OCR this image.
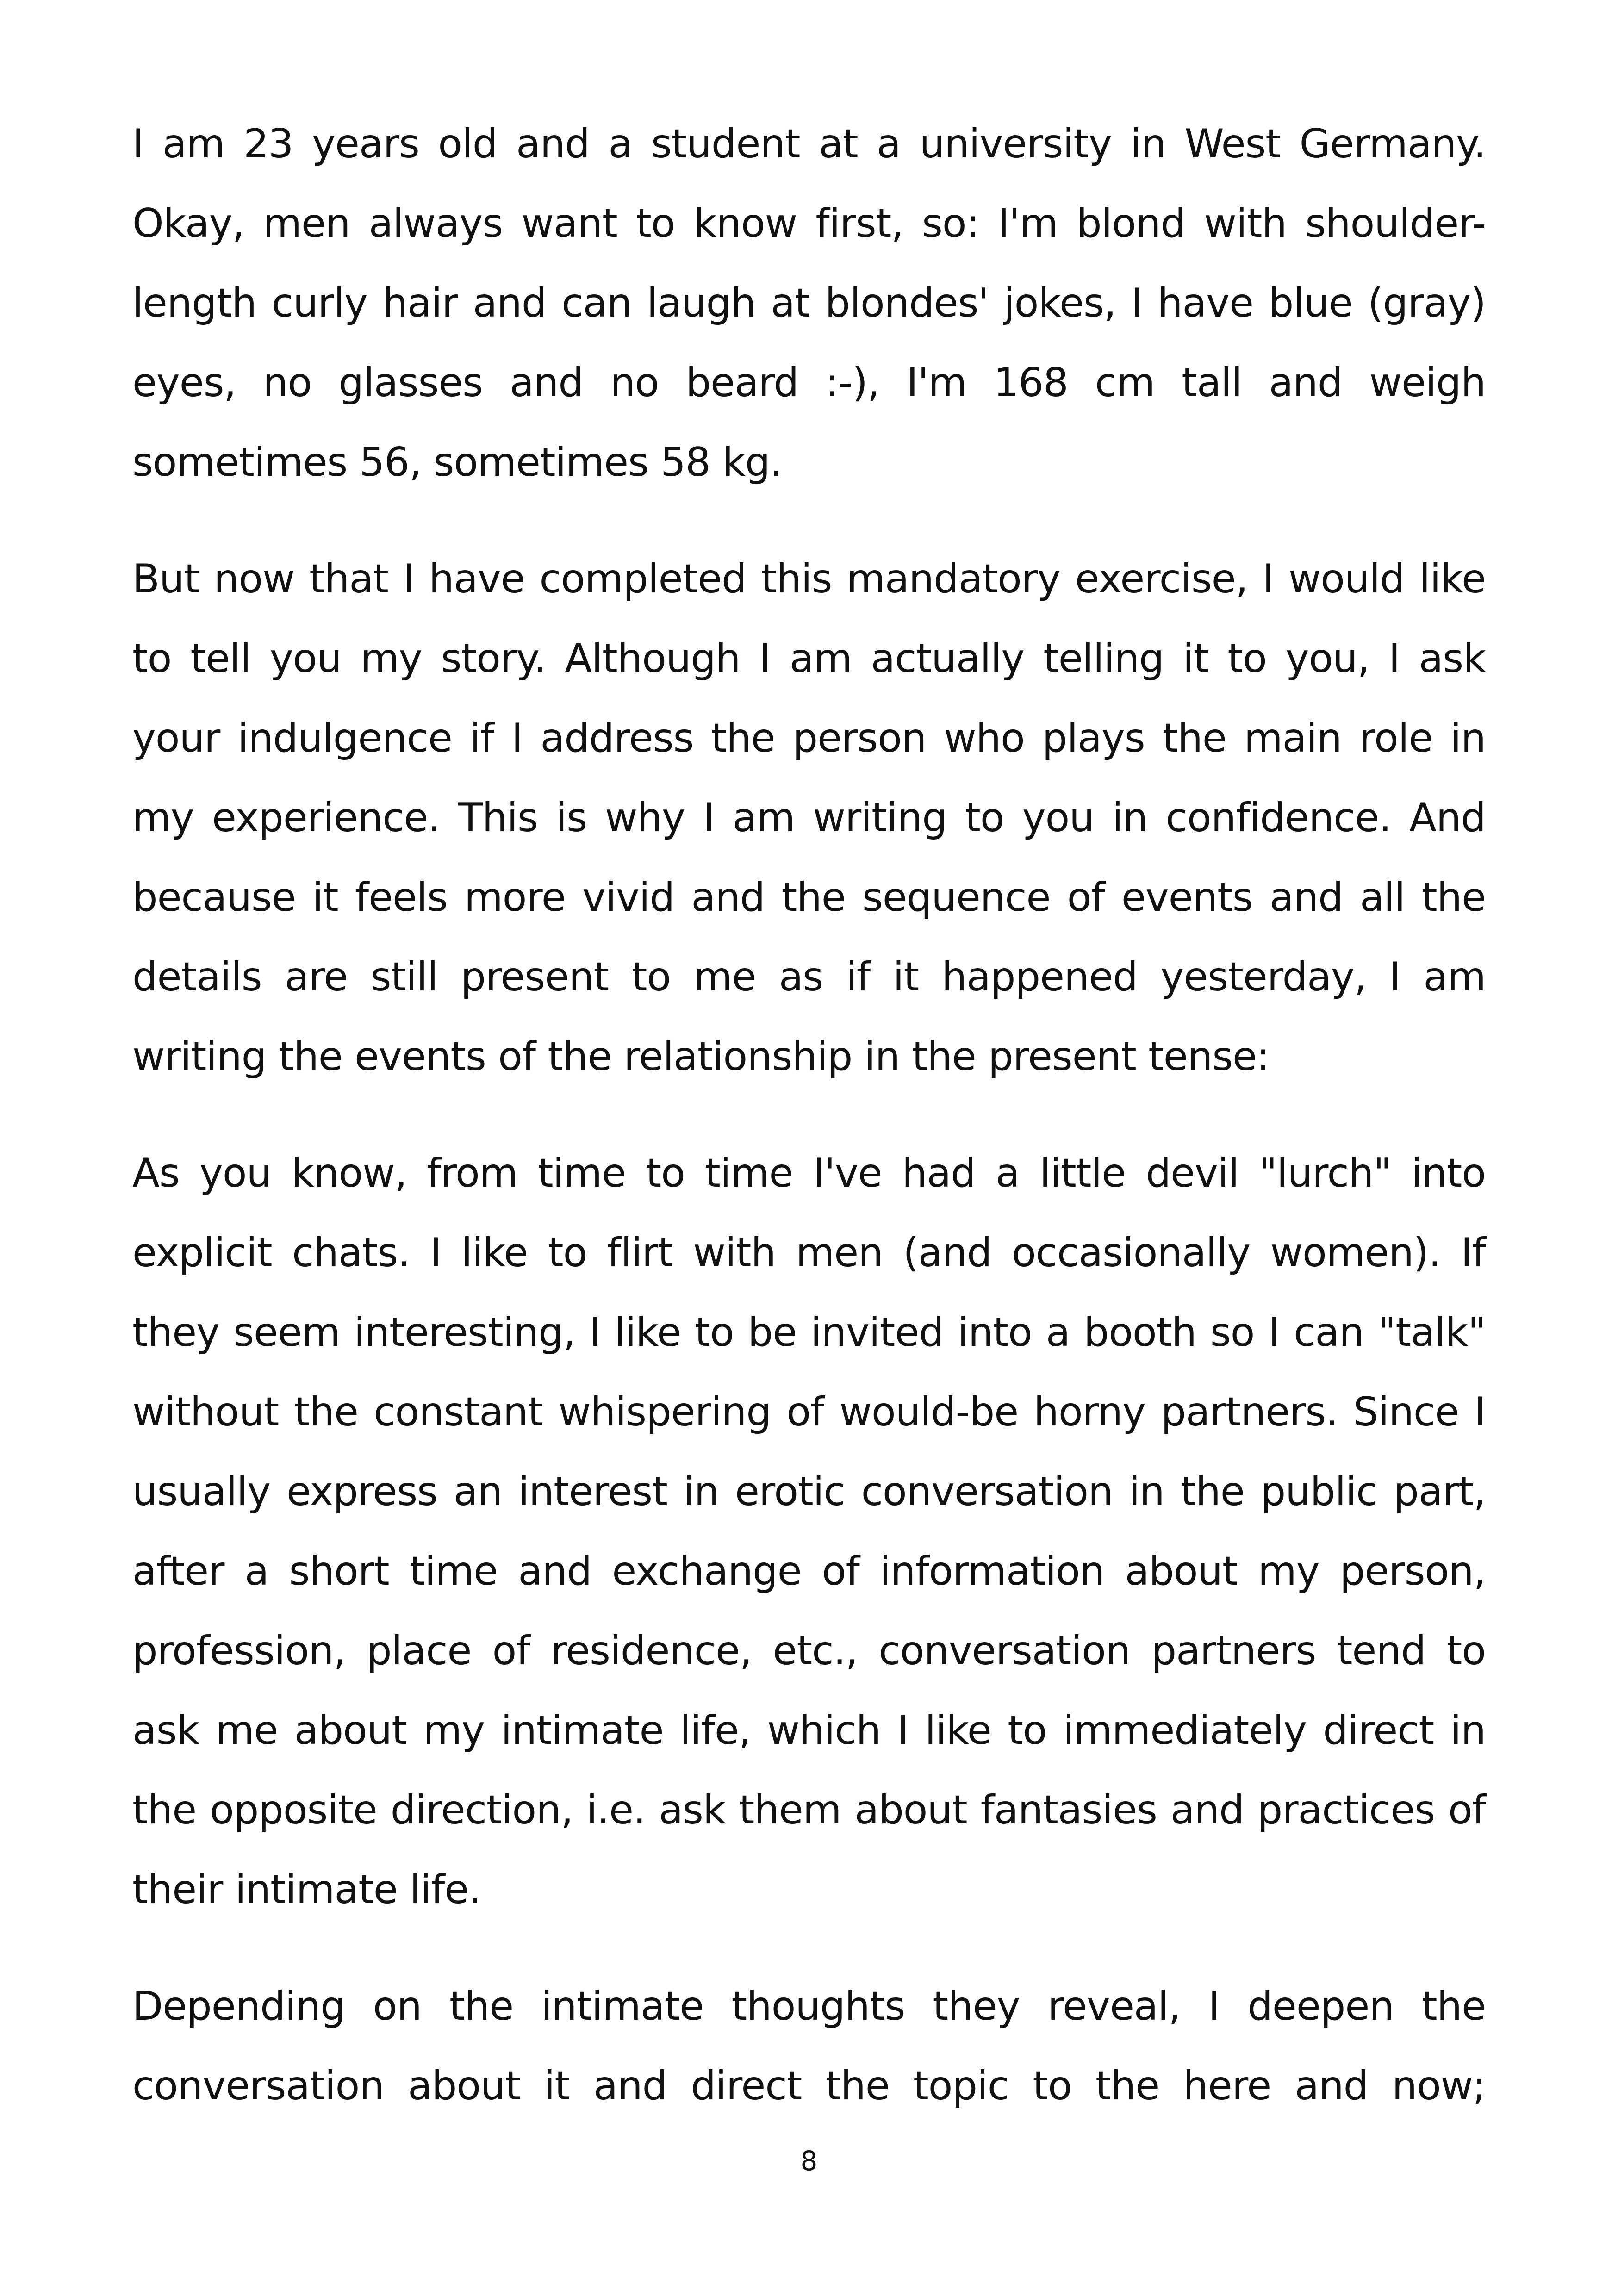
I am 23 years old and a student at a university in West Germany. Okay, men always want to know first, so: I'm blond with shoulder-length curly hair and can laugh at blondes' jokes, I have blue (gray) eyes, no glasses and no beard :-), I'm 168 cm tall and weigh sometimes 56, sometimes 58 kg.

But now that I have completed this mandatory exercise, I would like to tell you my story. Although I am actually telling it to you, I ask your indulgence if I address the person who plays the main role in my experience. This is why I am writing to you in confidence. And because it feels more vivid and the sequence of events and all the details are still present to me as if it happened yesterday, I am writing the events of the relationship in the present tense:

As you know, from time to time I've had a little devil "lurch" into explicit chats. I like to flirt with men (and occasionally women). If they seem interesting, I like to be invited into a booth so I can "talk" without the constant whispering of would-be horny partners. Since I usually express an interest in erotic conversation in the public part, after a short time and exchange of information about my person, profession, place of residence, etc., conversation partners tend to ask me about my intimate life, which I like to immediately direct in the opposite direction, i.e. ask them about fantasies and practices of their intimate life.

Depending on the intimate thoughts they reveal, I deepen the conversation about it and direct the topic to the here and now;

8
